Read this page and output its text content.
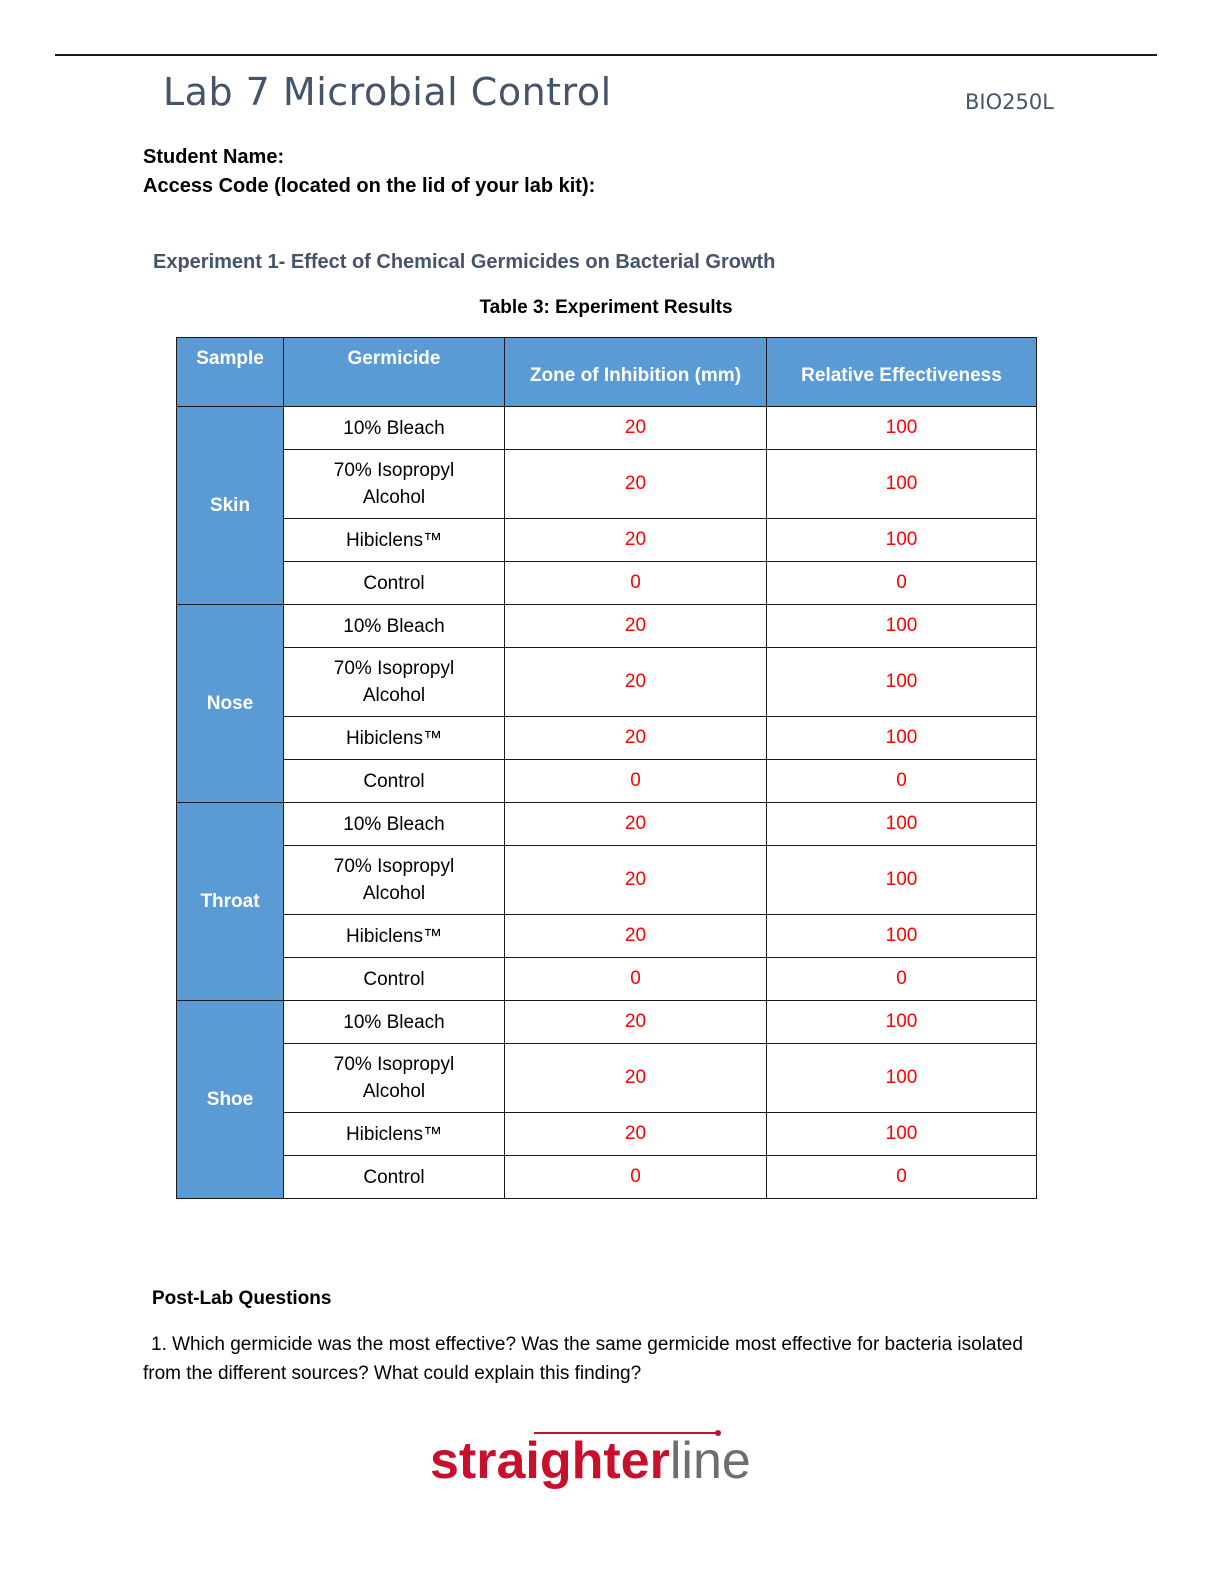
Lab 7 Microbial Control	BIO250L
Student Name:
Access Code (located on the lid of your lab kit):
Experiment 1- Effect of Chemical Germicides on Bacterial Growth
Table 3: Experiment Results
Sample	Germicide	Zone of Inhibition (mm)	Relative Effectiveness
Skin	10% Bleach	20	100
	70% Isopropyl
Alcohol	20	100
	Hibiclens™	20	100
	Control	0	0
Nose	10% Bleach	20	100
	70% Isopropyl
Alcohol	20	100
	Hibiclens™	20	100
	Control	0	0
Throat	10% Bleach	20	100
	70% Isopropyl
Alcohol	20	100
	Hibiclens™	20	100
	Control	0	0
Shoe	10% Bleach	20	100
	70% Isopropyl
Alcohol	20	100
	Hibiclens™	20	100
	Control	0	0
Post-Lab Questions
1. Which germicide was the most effective? Was the same germicide most effective for bacteria isolated from the different sources? What could explain this finding?
straighterline
